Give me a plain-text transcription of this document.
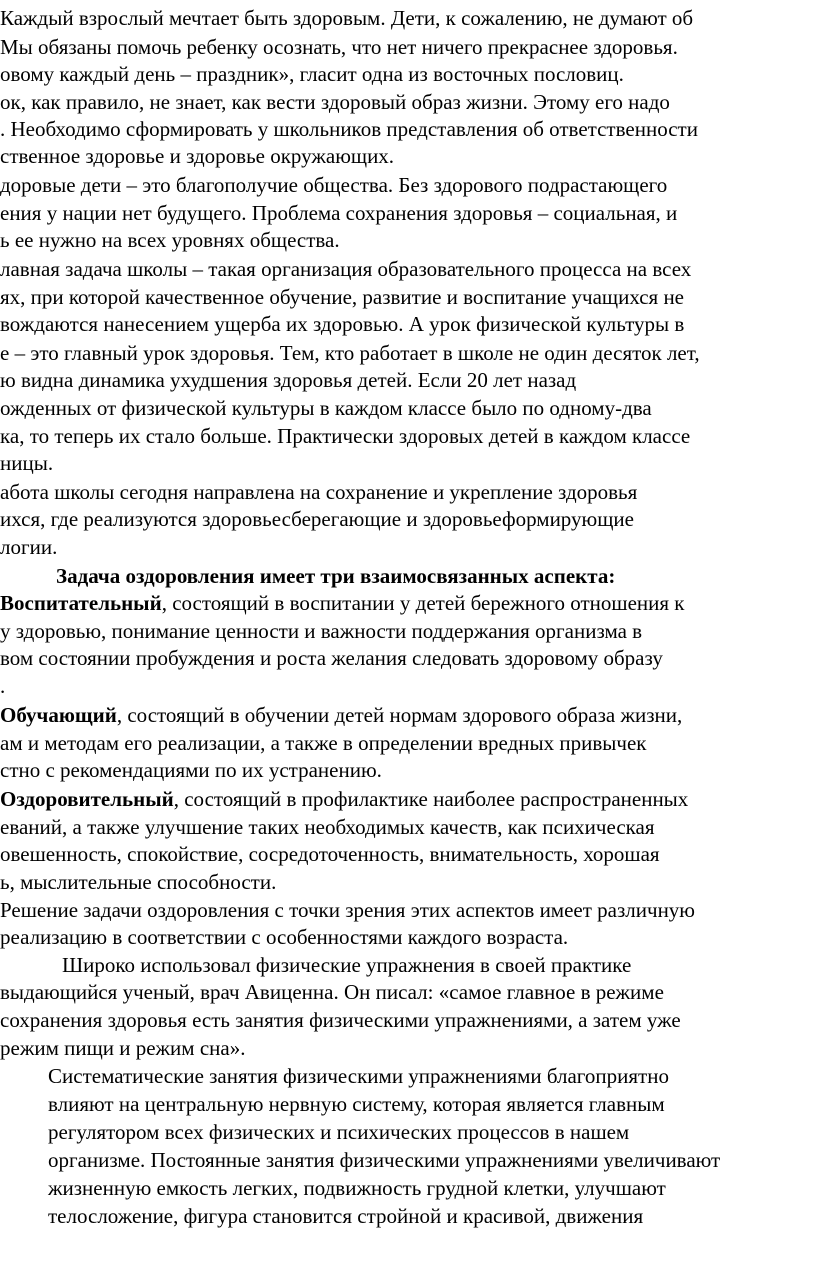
Каждый взрослый мечтает быть здоровым. Дети, к сожалению, не думают об
Мы обязаны помочь ребенку осознать, что нет ничего прекраснее здоровья.
овому каждый день – праздник», гласит одна из восточных пословиц.
ок, как правило, не знает, как вести здоровый образ жизни. Этому его надо
. Необходимо сформировать у школьников представления об ответственности
ственное здоровье и здоровье окружающих.
доровые дети – это благополучие общества. Без здорового подрастающего
ения у нации нет будущего. Проблема сохранения здоровья – социальная, и
ь ее нужно на всех уровнях общества.
лавная задача школы – такая организация образовательного процесса на всех
ях, при которой качественное обучение, развитие и воспитание учащихся не
вождаются нанесением ущерба их здоровью. А урок физической культуры в
е – это главный урок здоровья. Тем, кто работает в школе не один десяток лет,
ю видна динамика ухудшения здоровья детей. Если 20 лет назад
ожденных от физической культуры в каждом классе было по одному-два
ка, то теперь их стало больше. Практически здоровых детей в каждом классе
ницы.
абота школы сегодня направлена на сохранение и укрепление здоровья
ихся, где реализуются здоровьесберегающие и здоровьеформирующие
логии.
Задача оздоровления имеет три взаимосвязанных аспекта:
Воспитательный, состоящий в воспитании у детей бережного отношения к
у здоровью, понимание ценности и важности поддержания организма в
вом состоянии пробуждения и роста желания следовать здоровому образу
.
Обучающий, состоящий в обучении детей нормам здорового образа жизни,
ам и методам его реализации, а также в определении вредных привычек
стно с рекомендациями по их устранению.
Оздоровительный, состоящий в профилактике наиболее распространенных
еваний, а также улучшение таких необходимых качеств, как психическая
овешенность, спокойствие, сосредоточенность, внимательность, хорошая
ь, мыслительные способности.
Решение задачи оздоровления с точки зрения этих аспектов имеет различную
реализацию в соответствии с особенностями каждого возраста.
Широко использовал физические упражнения в своей практике
выдающийся ученый, врач Авиценна. Он писал: «самое главное в режиме
сохранения здоровья есть занятия физическими упражнениями, а затем уже
режим пищи и режим сна».
Систематические занятия физическими упражнениями благоприятно
влияют на центральную нервную систему, которая является главным
регулятором всех физических и психических процессов в нашем
организме. Постоянные занятия физическими упражнениями увеличивают
жизненную емкость легких, подвижность грудной клетки, улучшают
телосложение, фигура становится стройной и красивой, движения
